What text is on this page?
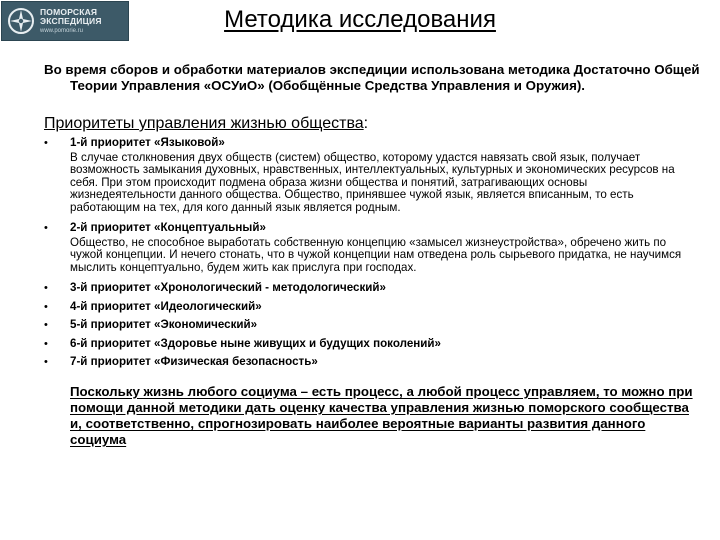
ПОМОРСКАЯ
ЭКСПЕДИЦИЯ
www.pomorie.ru	Методика исследования
Во время сборов и обработки материалов экспедиции использована методика Достаточно Общей Теории Управления «ОСУиО» (Обобщённые Средства Управления и Оружия).
Приоритеты управления жизнью общества:
• 1-й приоритет «Языковой»
В случае столкновения двух обществ (систем) общество, которому удастся навязать свой язык, получает возможность замыкания духовных, нравственных, интеллектуальных, культурных и экономических ресурсов на себя. При этом происходит подмена образа жизни общества и понятий, затрагивающих основы жизнедеятельности данного общества. Общество, принявшее чужой язык, является вписанным, то есть работающим на тех, для кого данный язык является родным.
• 2-й приоритет «Концептуальный»
Общество, не способное выработать собственную концепцию «замысел жизнеустройства», обречено жить по чужой концепции. И нечего стонать, что в чужой концепции нам отведена роль сырьевого придатка, не научимся мыслить концептуально, будем жить как прислуга при господах.
• 3-й приоритет «Хронологический - методологический»
• 4-й приоритет «Идеологический»
• 5-й приоритет «Экономический»
• 6-й приоритет «Здоровье ныне живущих и будущих поколений»
• 7-й приоритет «Физическая безопасность»
Поскольку жизнь любого социума – есть процесс, а любой процесс управляем, то можно при помощи данной методики дать оценку качества управления жизнью поморского сообщества и, соответственно, спрогнозировать наиболее вероятные варианты развития данного социума
